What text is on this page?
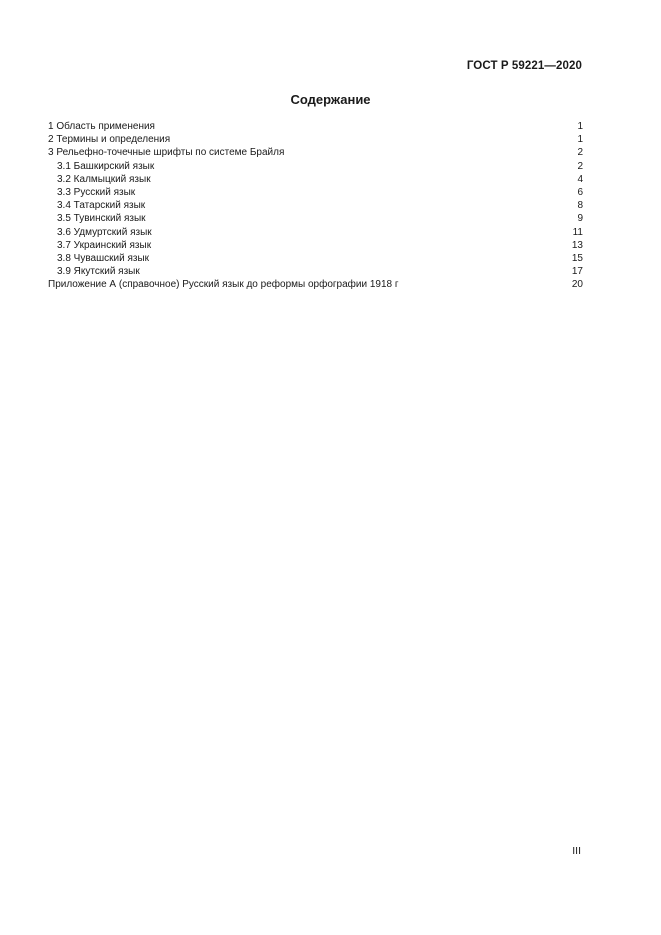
ГОСТ Р 59221—2020
Содержание
1 Область применения	1
2 Термины и определения	1
3 Рельефно-точечные шрифты по системе Брайля	2
3.1 Башкирский язык	2
3.2 Калмыцкий язык	4
3.3 Русский язык	6
3.4 Татарский язык	8
3.5 Тувинский язык	9
3.6 Удмуртский язык	11
3.7 Украинский язык	13
3.8 Чувашский язык	15
3.9 Якутский язык	17
Приложение А (справочное) Русский язык до реформы орфографии 1918 г	20
III
